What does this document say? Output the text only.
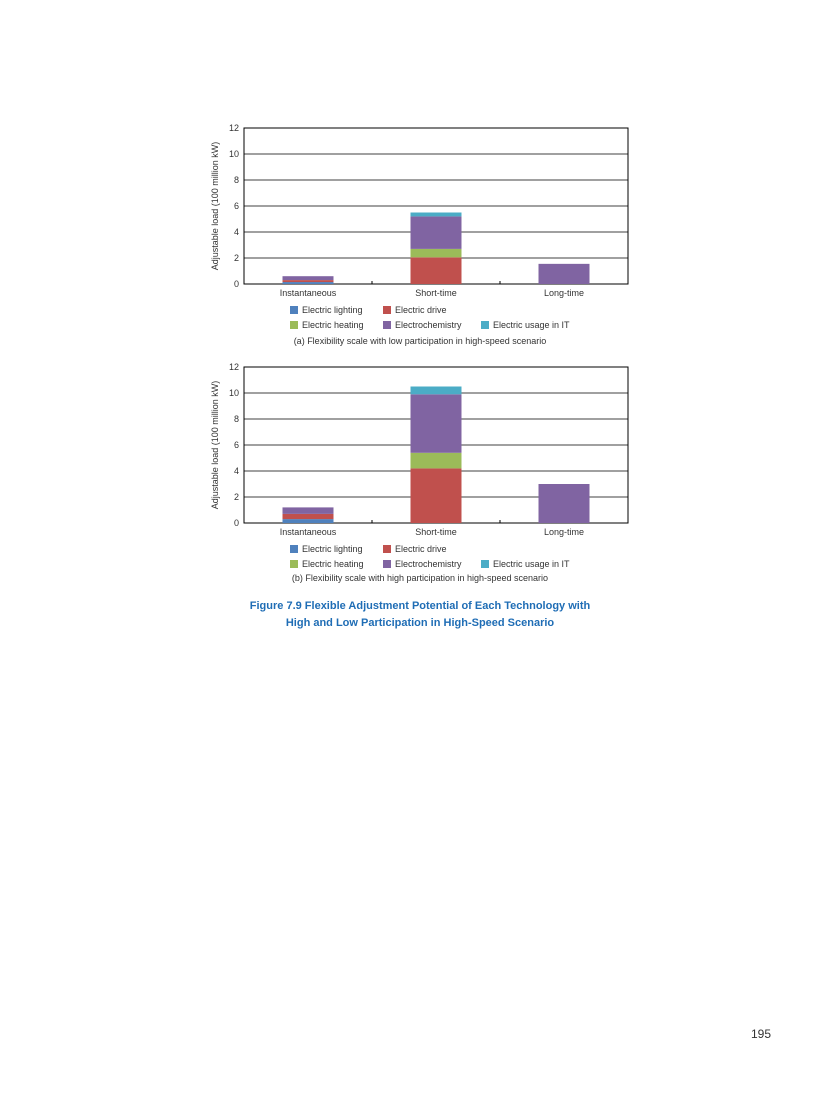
0
2
4
6
8
10
12
Adjustable load (100 million kW)
Instantaneous	Short-time	Long-time
Electric lighting	Electric drive
Electric heating	Electrochemistry	Electric usage in IT
(a) Flexibility scale with low participation in high-speed scenario
0
2
4
6
8
10
12
Adjustable load (100 million kW)
Instantaneous	Short-time	Long-time
Electric lighting	Electric drive
Electric heating	Electrochemistry	Electric usage in IT
(b) Flexibility scale with high participation in high-speed scenario
Figure 7.9 Flexible Adjustment Potential of Each Technology with
High and Low Participation in High-Speed Scenario
195
